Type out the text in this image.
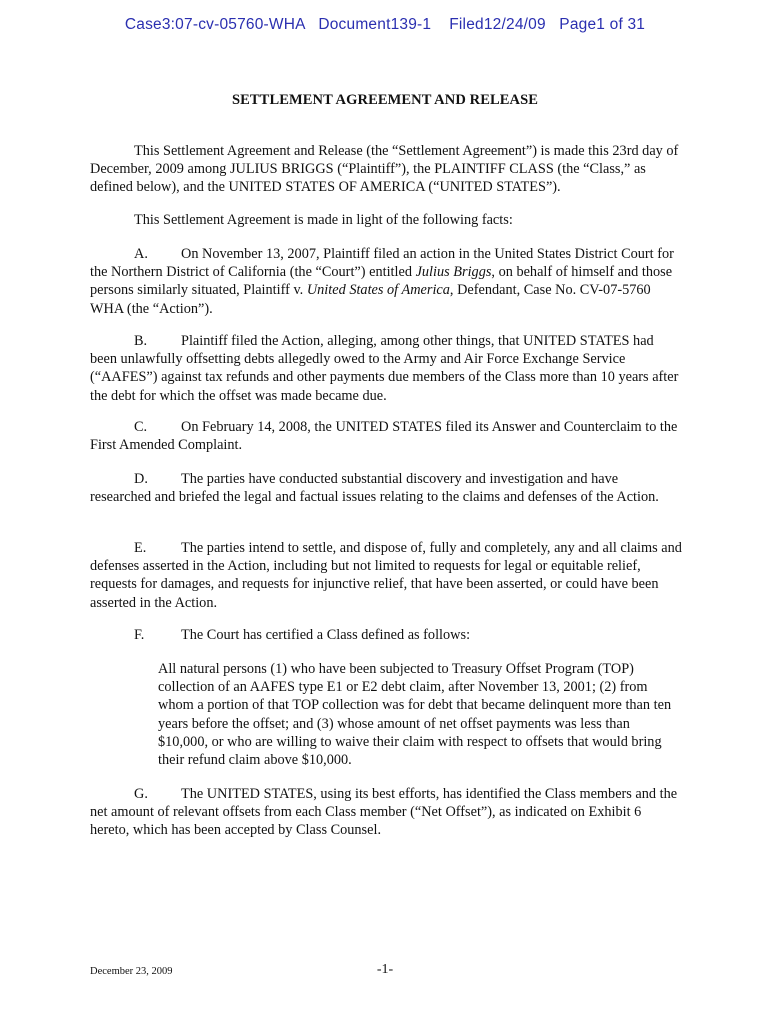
Case3:07-cv-05760-WHA   Document139-1    Filed12/24/09   Page1 of 31
SETTLEMENT AGREEMENT AND RELEASE
This Settlement Agreement and Release (the “Settlement Agreement”) is made this 23rd day of December, 2009 among JULIUS BRIGGS (“Plaintiff”), the PLAINTIFF CLASS (the “Class,” as defined below), and the UNITED STATES OF AMERICA (“UNITED STATES”).
This Settlement Agreement is made in light of the following facts:
A. On November 13, 2007, Plaintiff filed an action in the United States District Court for the Northern District of California (the “Court”) entitled Julius Briggs, on behalf of himself and those persons similarly situated, Plaintiff v. United States of America, Defendant, Case No. CV-07-5760 WHA (the “Action”).
B. Plaintiff filed the Action, alleging, among other things, that UNITED STATES had been unlawfully offsetting debts allegedly owed to the Army and Air Force Exchange Service (“AAFES”) against tax refunds and other payments due members of the Class more than 10 years after the debt for which the offset was made became due.
C. On February 14, 2008, the UNITED STATES filed its Answer and Counterclaim to the First Amended Complaint.
D. The parties have conducted substantial discovery and investigation and have researched and briefed the legal and factual issues relating to the claims and defenses of the Action.
E. The parties intend to settle, and dispose of, fully and completely, any and all claims and defenses asserted in the Action, including but not limited to requests for legal or equitable relief, requests for damages, and requests for injunctive relief, that have been asserted, or could have been asserted in the Action.
F.	The Court has certified a Class defined as follows:
All natural persons (1) who have been subjected to Treasury Offset Program (TOP) collection of an AAFES type E1 or E2 debt claim, after November 13, 2001; (2) from whom a portion of that TOP collection was for debt that became delinquent more than ten years before the offset; and (3) whose amount of net offset payments was less than $10,000, or who are willing to waive their claim with respect to offsets that would bring their refund claim above $10,000.
G. The UNITED STATES, using its best efforts, has identified the Class members and the net amount of relevant offsets from each Class member (“Net Offset”), as indicated on Exhibit 6 hereto, which has been accepted by Class Counsel.
December 23, 2009	-1-
